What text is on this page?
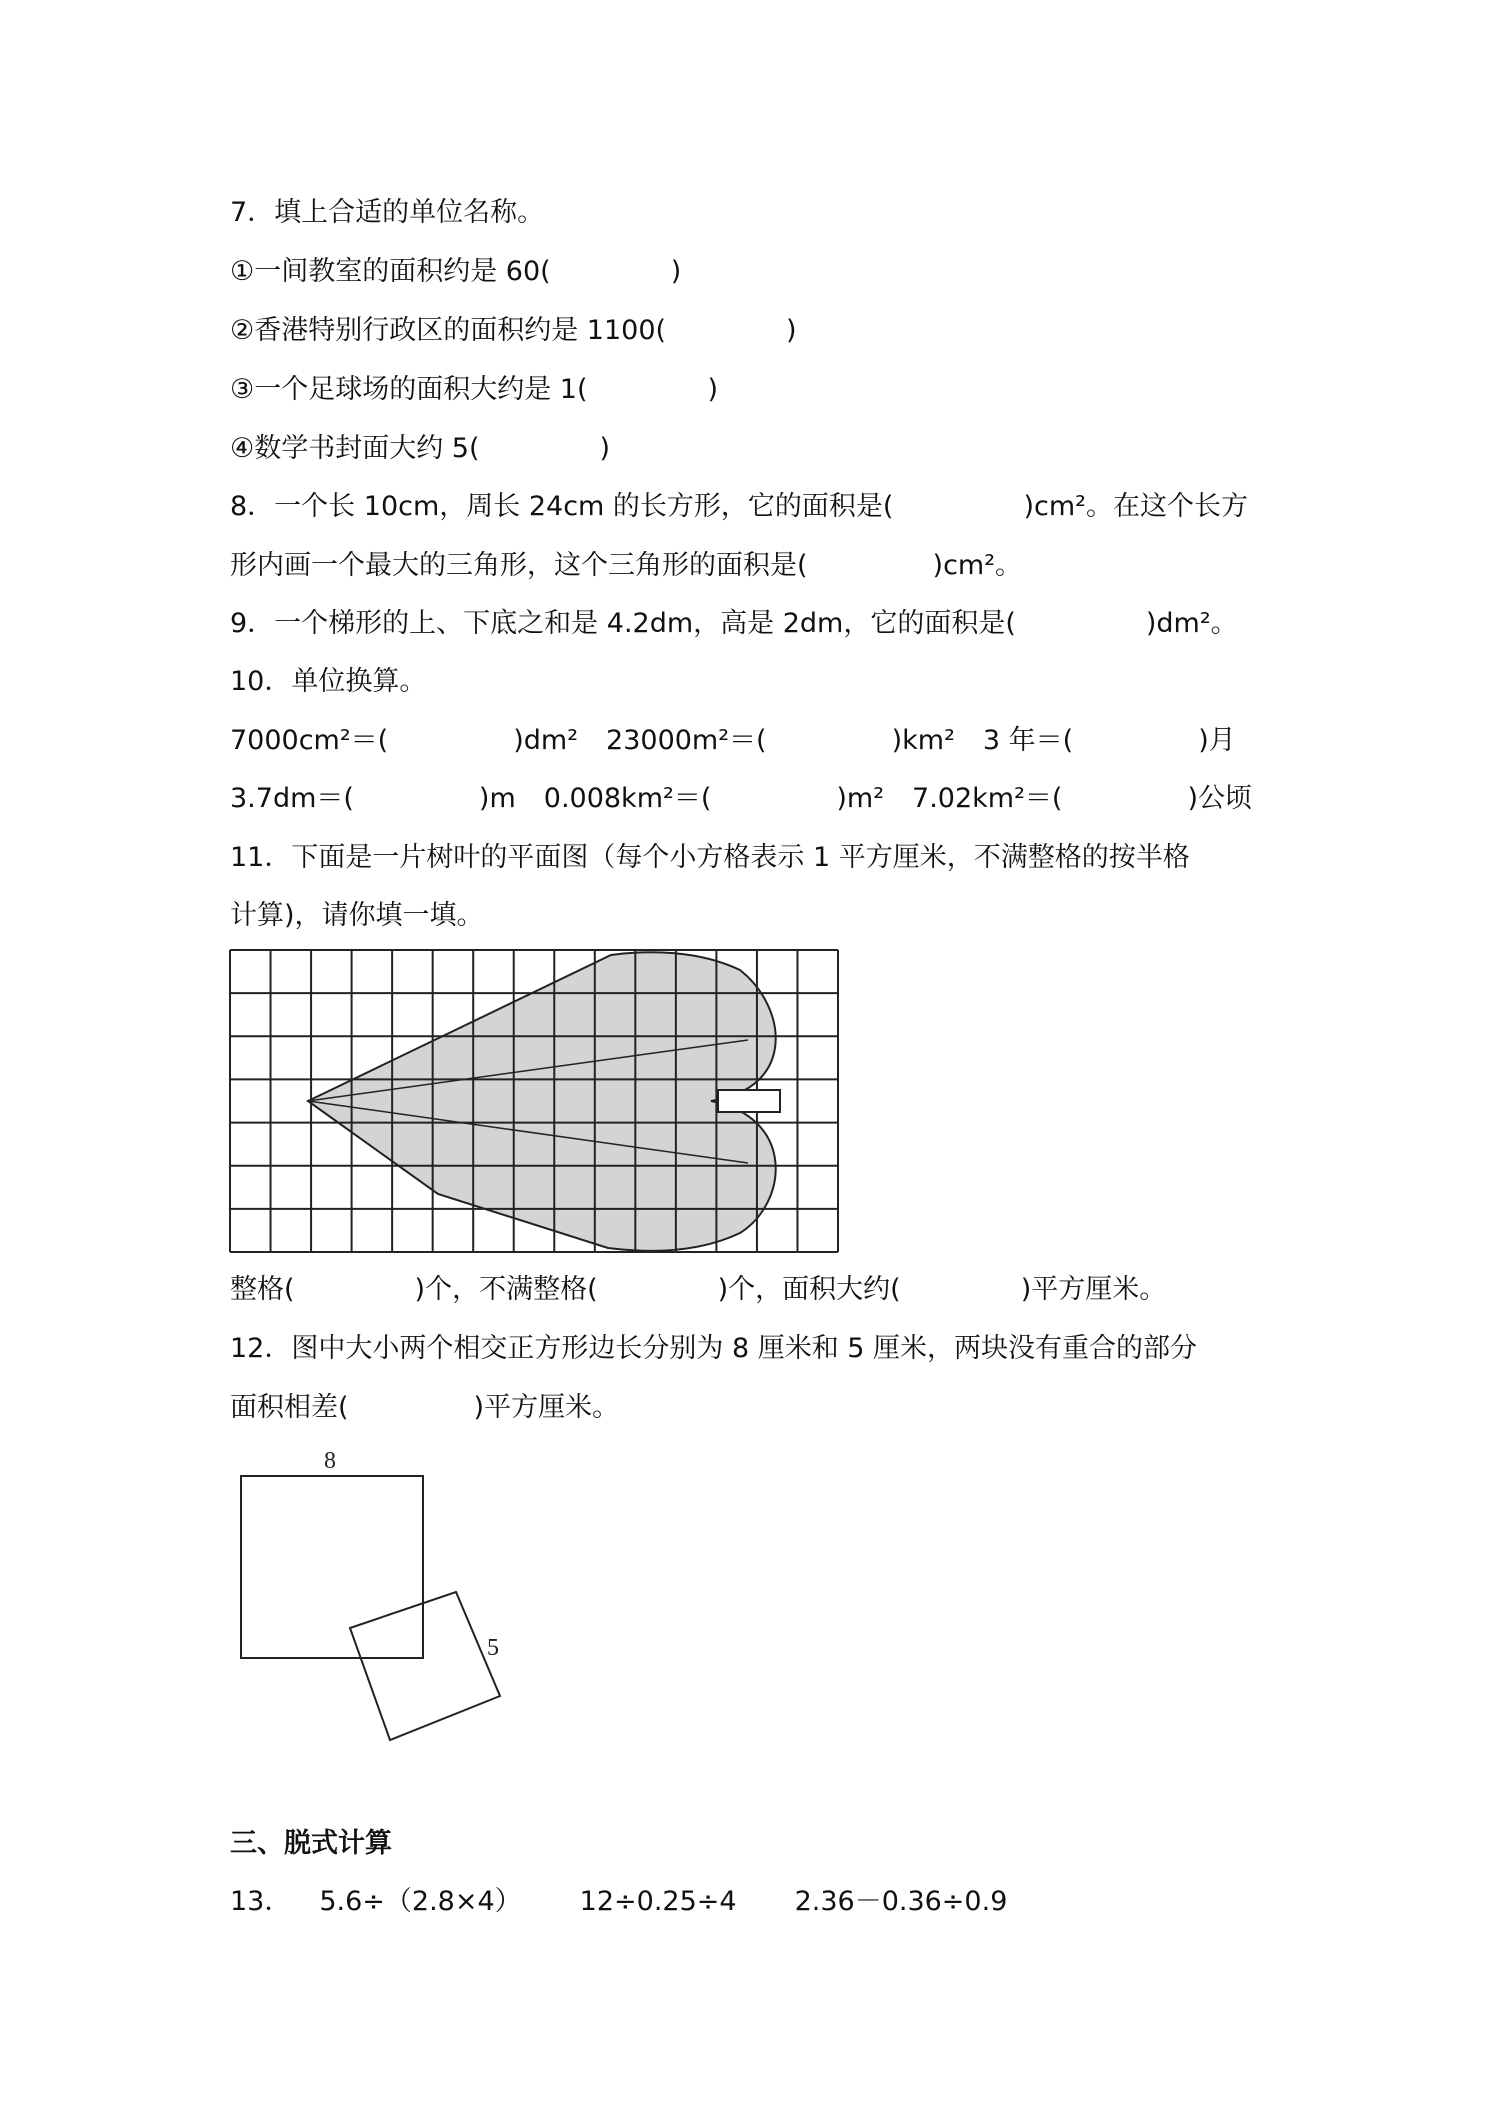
7．填上合适的单位名称。
①一间教室的面积约是 60(	)
②香港特别行政区的面积约是 1100(	)
③一个足球场的面积大约是 1(	)
④数学书封面大约 5(	)
8．一个长 10cm，周长 24cm 的长方形，它的面积是(	)cm²。在这个长方
形内画一个最大的三角形，这个三角形的面积是(	)cm²。
9．一个梯形的上、下底之和是 4.2dm，高是 2dm，它的面积是(	)dm²。
10．单位换算。
7000cm²＝(	)dm² 23000m²＝(	)km² 3 年＝(	)月
3.7dm＝(	)m 0.008km²＝(	)m² 7.02km²＝(	)公顷
11．下面是一片树叶的平面图（每个小方格表示 1 平方厘米，不满整格的按半格
计算)，请你填一填。
整格(	)个，不满整格(	)个，面积大约(	)平方厘米。
12．图中大小两个相交正方形边长分别为 8 厘米和 5 厘米，两块没有重合的部分
面积相差(	)平方厘米。
8
5
三、脱式计算
13． 5.6÷（2.8×4） 12÷0.25÷4 2.36－0.36÷0.9
